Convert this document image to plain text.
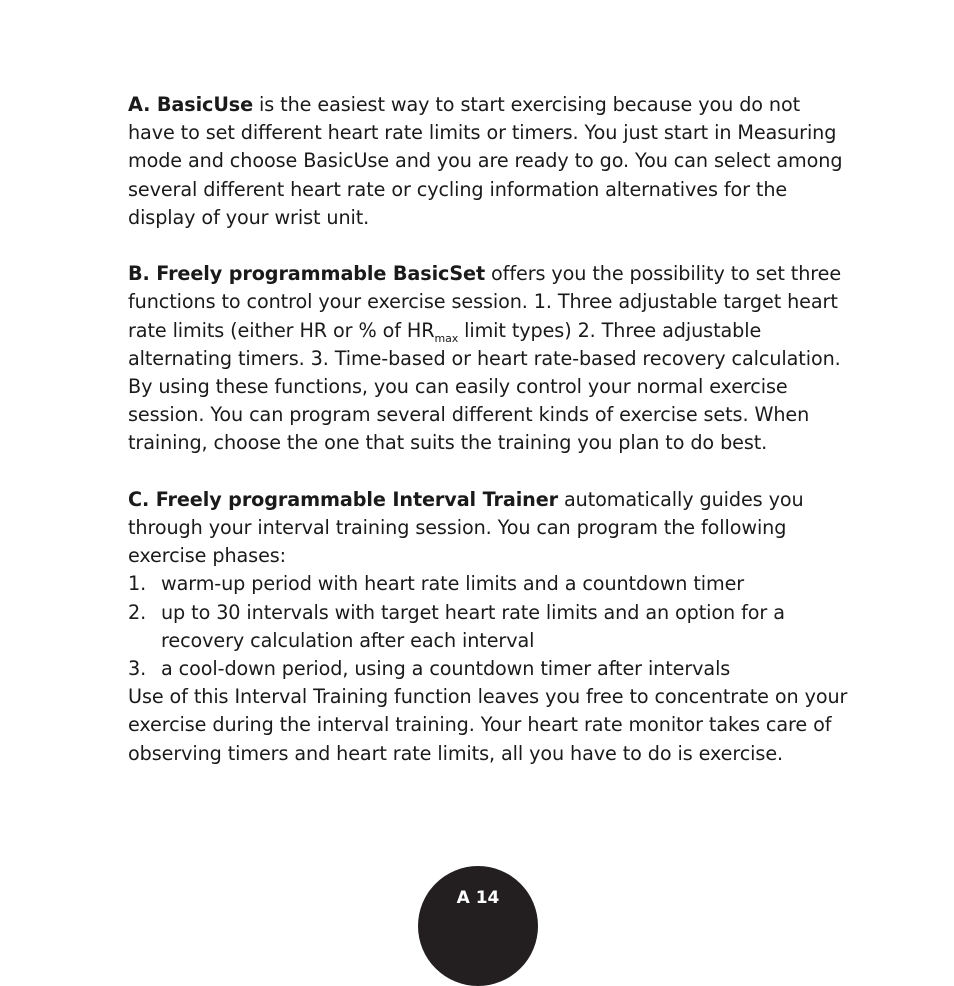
A. BasicUse is the easiest way to start exercising because you do not have to set different heart rate limits or timers. You just start in Measuring mode and choose BasicUse and you are ready to go. You can select among several different heart rate or cycling information alternatives for the display of your wrist unit.

B. Freely programmable BasicSet offers you the possibility to set three functions to control your exercise session. 1. Three adjustable target heart rate limits (either HR or % of $HR_{max}$ limit types) 2. Three adjustable alternating timers. 3. Time-based or heart rate-based recovery calculation. By using these functions, you can easily control your normal exercise session. You can program several different kinds of exercise sets. When training, choose the one that suits the training you plan to do best.

C. Freely programmable Interval Trainer automatically guides you through your interval training session. You can program the following exercise phases:

1. warm-up period with heart rate limits and a countdown timer
2. up to 30 intervals with target heart rate limits and an option for a recovery calculation after each interval
3. a cool-down period, using a countdown timer after intervals

Use of this Interval Training function leaves you free to concentrate on your exercise during the interval training. Your heart rate monitor takes care of observing timers and heart rate limits, all you have to do is exercise.

A 14
